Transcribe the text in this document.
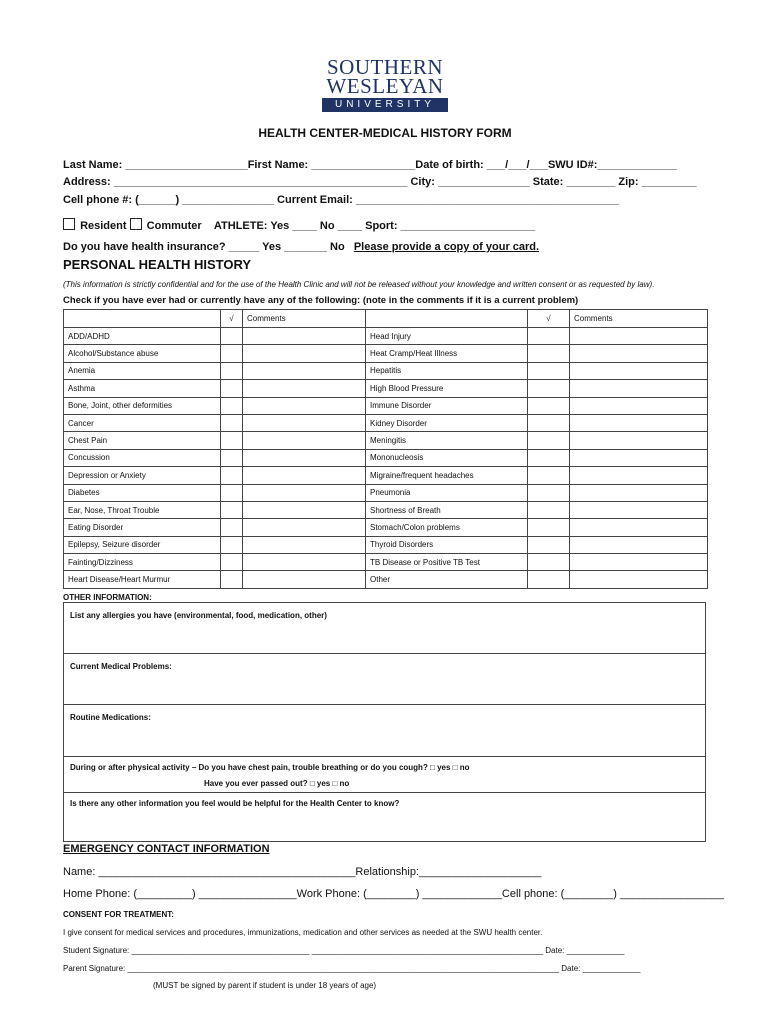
SOUTHERN
WESLEYAN
UNIVERSITY
HEALTH CENTER-MEDICAL HISTORY FORM
Last Name: ____________________First Name: _________________Date of birth: ___/___/___SWU ID#:_____________
Address: ________________________________________________ City: _______________ State: ________ Zip: _________
Cell phone #: (______) _______________ Current Email: ___________________________________________
Resident Commuter ATHLETE: Yes ____ No ____ Sport: ______________________
Do you have health insurance? _____ Yes _______ No Please provide a copy of your card.
PERSONAL HEALTH HISTORY
(This information is strictly confidential and for the use of the Health Clinic and will not be released without your knowledge and written consent or as requested by law).
Check if you have ever had or currently have any of the following: (note in the comments if it is a current problem)
	√	Comments		√	Comments
ADD/ADHD			Head Injury		
Alcohol/Substance abuse			Heat Cramp/Heat Illness		
Anemia			Hepatitis		
Asthma			High Blood Pressure		
Bone, Joint, other deformities			Immune Disorder		
Cancer			Kidney Disorder		
Chest Pain			Meningitis		
Concussion			Mononucleosis		
Depression or Anxiety			Migraine/frequent headaches		
Diabetes			Pneumonia		
Ear, Nose, Throat Trouble			Shortness of Breath		
Eating Disorder			Stomach/Colon problems		
Epilepsy, Seizure disorder			Thyroid Disorders		
Fainting/Dizziness			TB Disease or Positive TB Test		
Heart Disease/Heart Murmur			Other		
OTHER INFORMATION:
List any allergies you have (environmental, food, medication, other)
Current Medical Problems:
Routine Medications:
During or after physical activity – Do you have chest pain, trouble breathing or do you cough? □ yes □ no
Have you ever passed out? □ yes □ no
Is there any other information you feel would be helpful for the Health Center to know?
EMERGENCY CONTACT INFORMATION
Name: __________________________________________Relationship:____________________
Home Phone: (_________) ________________Work Phone: (________) _____________Cell phone: (________) _________________
CONSENT FOR TREATMENT:
I give consent for medical services and procedures, immunizations, medication and other services as needed at the SWU health center.
Student Signature: ________________________________________ ____________________________________________________ Date: _____________
Parent Signature: _________________________________________________________________________________________________ Date: _____________
(MUST be signed by parent if student is under 18 years of age)
